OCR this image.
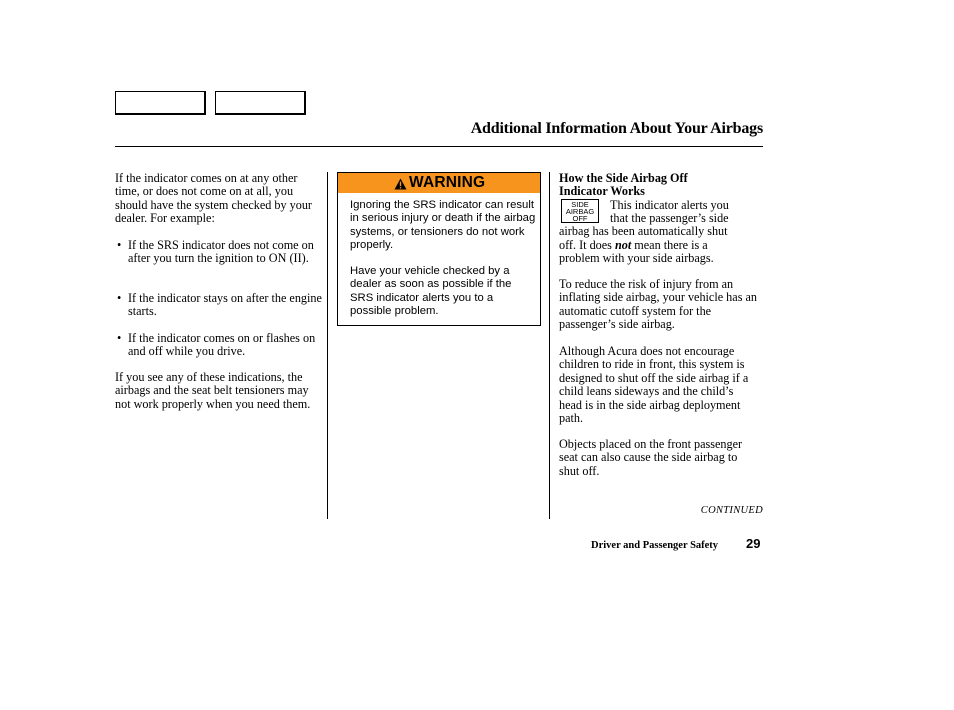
Additional Information About Your Airbags

If the indicator comes on at any other time, or does not come on at all, you should have the system checked by your dealer. For example:

• If the SRS indicator does not come on after you turn the ignition to ON (II).
• If the indicator stays on after the engine starts.
• If the indicator comes on or flashes on and off while you drive.

If you see any of these indications, the airbags and the seat belt tensioners may not work properly when you need them.

WARNING

Ignoring the SRS indicator can result in serious injury or death if the airbag systems, or tensioners do not work properly.

Have your vehicle checked by a dealer as soon as possible if the SRS indicator alerts you to a possible problem.

How the Side Airbag Off
Indicator Works

SIDE
AIRBAG
OFF
This indicator alerts you
that the passenger’s side
airbag has been automatically shut
off. It does not mean there is a
problem with your side airbags.

To reduce the risk of injury from an inflating side airbag, your vehicle has an automatic cutoff system for the passenger’s side airbag.

Although Acura does not encourage children to ride in front, this system is designed to shut off the side airbag if a child leans sideways and the child’s head is in the side airbag deployment path.

Objects placed on the front passenger seat can also cause the side airbag to shut off.

CONTINUED
Driver and Passenger Safety 29
